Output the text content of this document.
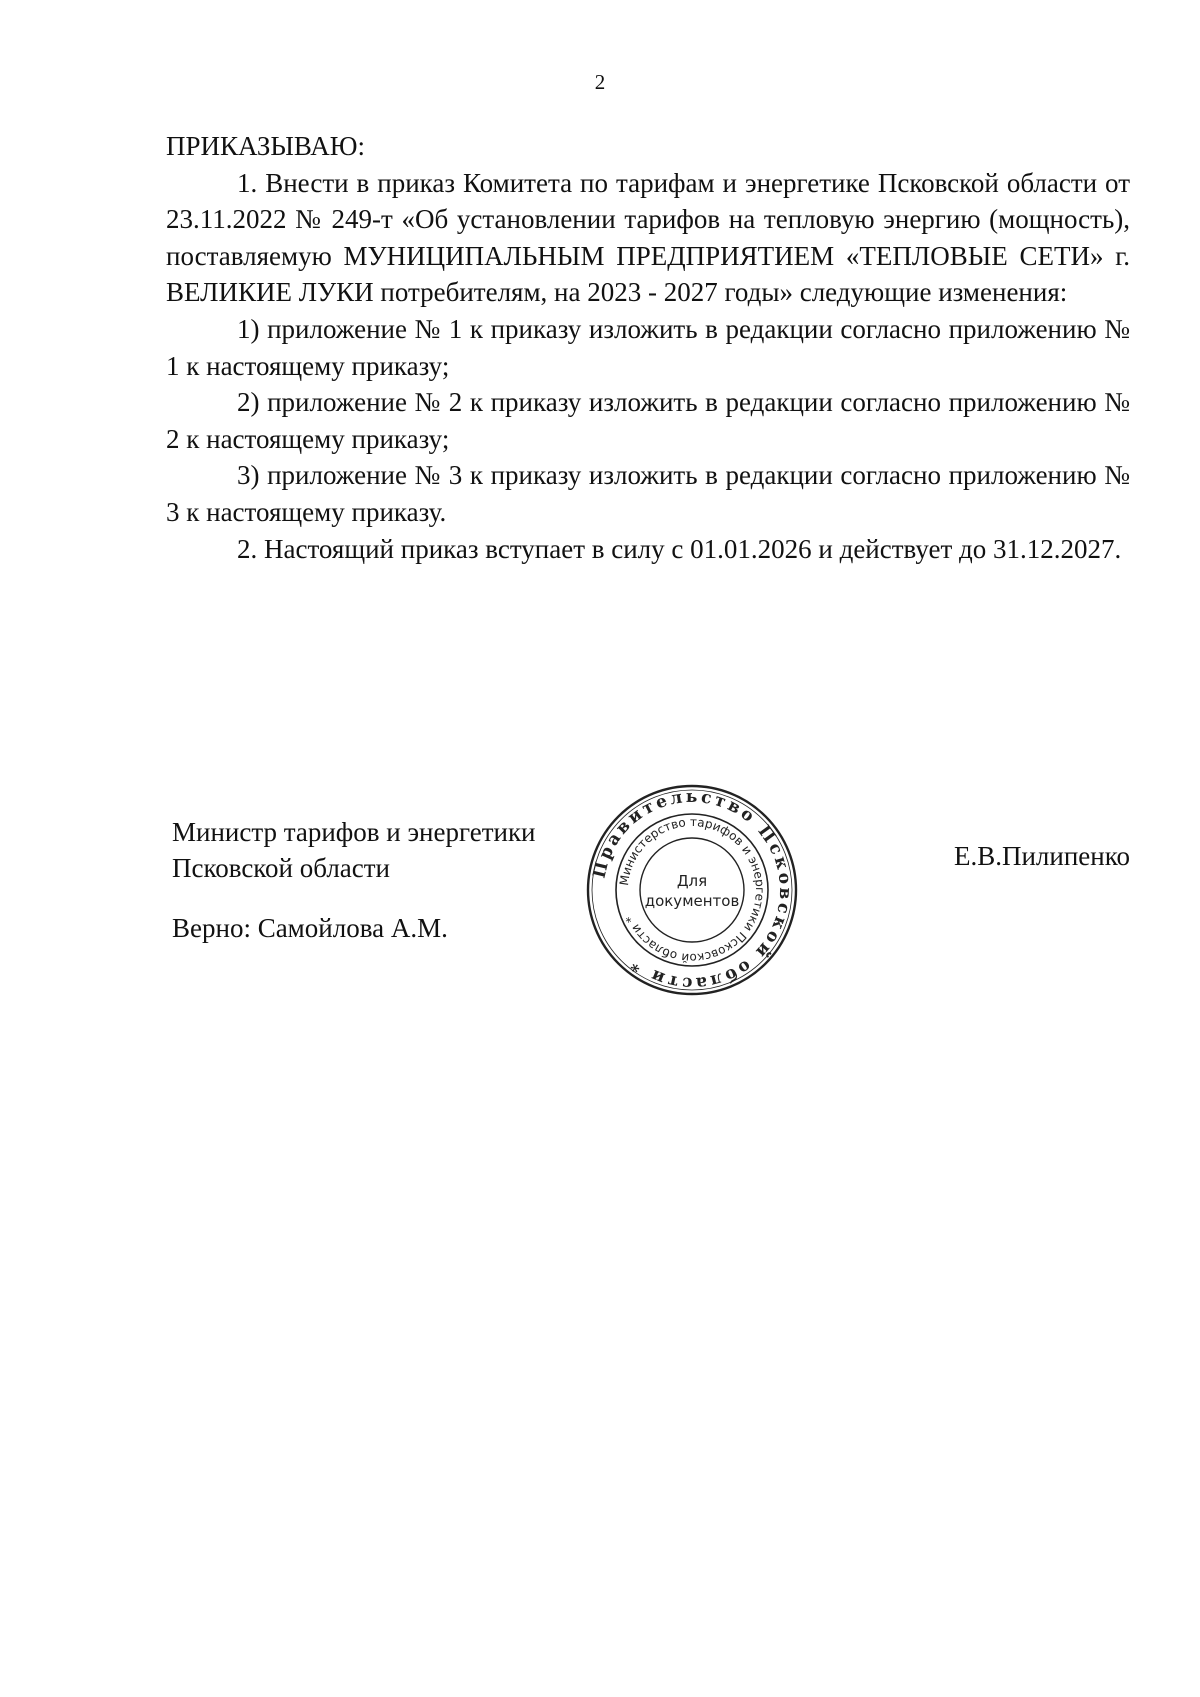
2

ПРИКАЗЫВАЮ:

1. Внести в приказ Комитета по тарифам и энергетике Псковской области от 23.11.2022 № 249-т «Об установлении тарифов на тепловую энергию (мощность), поставляемую МУНИЦИПАЛЬНЫМ ПРЕДПРИЯТИЕМ «ТЕПЛОВЫЕ СЕТИ» г. ВЕЛИКИЕ ЛУКИ потребителям, на 2023 - 2027 годы» следующие изменения:

1) приложение № 1 к приказу изложить в редакции согласно приложению № 1 к настоящему приказу;

2) приложение № 2 к приказу изложить в редакции согласно приложению № 2 к настоящему приказу;

3) приложение № 3 к приказу изложить в редакции согласно приложению № 3 к настоящему приказу.

2. Настоящий приказ вступает в силу с 01.01.2026 и действует до 31.12.2027.

Министр тарифов и энергетики
Псковской области
Верно: Самойлова А.М.
Е.В.Пилипенко
Правительство Псковской области *
Министерство тарифов и энергетики Псковской области *
Для
документов
